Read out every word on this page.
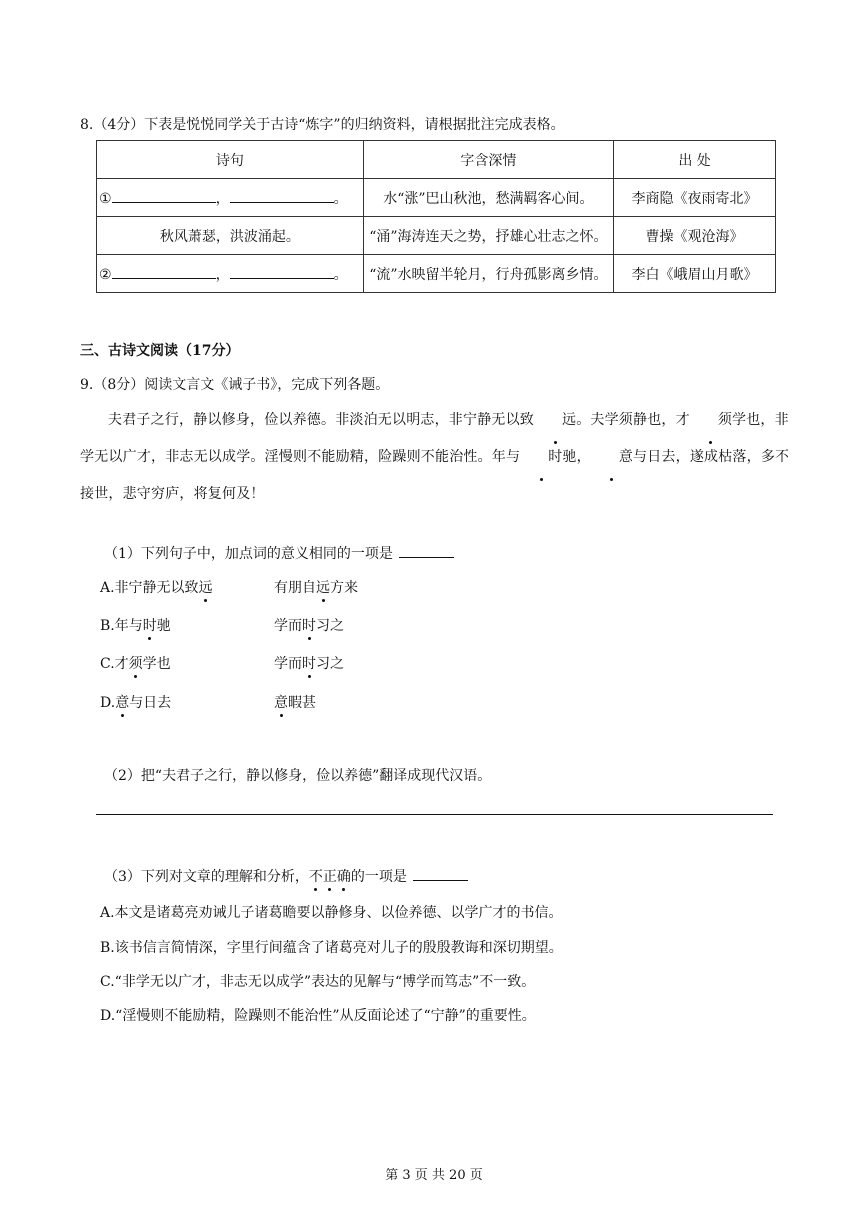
8.（4分）下表是悦悦同学关于古诗“炼字”的归纳资料，请根据批注完成表格。
诗句	字含深情	出 处
① ， 。	水“涨”巴山秋池，愁满羁客心间。	李商隐《夜雨寄北》
秋风萧瑟，洪波涌起。	“涌”海涛连天之势，抒雄心壮志之怀。	曹操《观沧海》
② ， 。	“流”水映留半轮月，行舟孤影离乡情。	李白《峨眉山月歌》
三、古诗文阅读（17分）
9.（8分）阅读文言文《诫子书》，完成下列各题。
夫君子之行，静以修身，俭以养德。非淡泊无以明志，非宁静无以致 远。夫学须静也，才 须学也，非学无以广才，非志无以成学。淫慢则不能励精，险躁则不能治性。年与 时驰， 意与日去，遂成枯落，多不接世，悲守穷庐，将复何及！
（1）下列句子中，加点词的意义相同的一项是
A.非宁静无以致远	有朋自远方来
B.年与时驰	学而时习之
C.才须学也	学而时习之
D.意与日去	意暇甚
（2）把“夫君子之行，静以修身，俭以养德”翻译成现代汉语。
（3）下列对文章的理解和分析，不正确的一项是
A.本文是诸葛亮劝诫儿子诸葛瞻要以静修身、以俭养德、以学广才的书信。
B.该书信言简情深，字里行间蕴含了诸葛亮对儿子的殷殷教诲和深切期望。
C.“非学无以广才，非志无以成学”表达的见解与“博学而笃志”不一致。
D.“淫慢则不能励精，险躁则不能治性”从反面论述了“宁静”的重要性。
第 3 页 共 20 页
